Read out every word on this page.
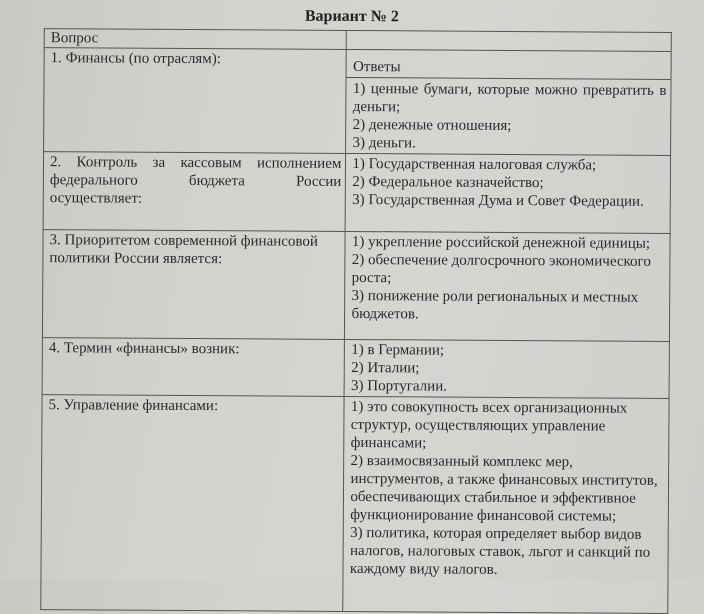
Вариант № 2
Вопрос	
1. Финансы (по отраслям):	Ответы
1) ценные бумаги, которые можно превратить в деньги;
2) денежные отношения;
3) деньги.

2. Контроль за кассовым исполнением федерального бюджета России осуществляет:	1) Государственная налоговая служба;
2) Федеральное казначейство;
3) Государственная Дума и Совет Федерации.

3. Приоритетом современной финансовой политики России является:	1) укрепление российской денежной единицы;
2) обеспечение долгосрочного экономического роста;
3) понижение роли региональных и местных бюджетов.

4. Термин «финансы» возник:	1) в Германии;
2) Италии;
3) Португалии.

5. Управление финансами:	1) это совокупность всех организационных структур, осуществляющих управление финансами;
2) взаимосвязанный комплекс мер, инструментов, а также финансовых институтов, обеспечивающих стабильное и эффективное функционирование финансовой системы;
3) политика, которая определяет выбор видов налогов, налоговых ставок, льгот и санкций по каждому виду налогов.
